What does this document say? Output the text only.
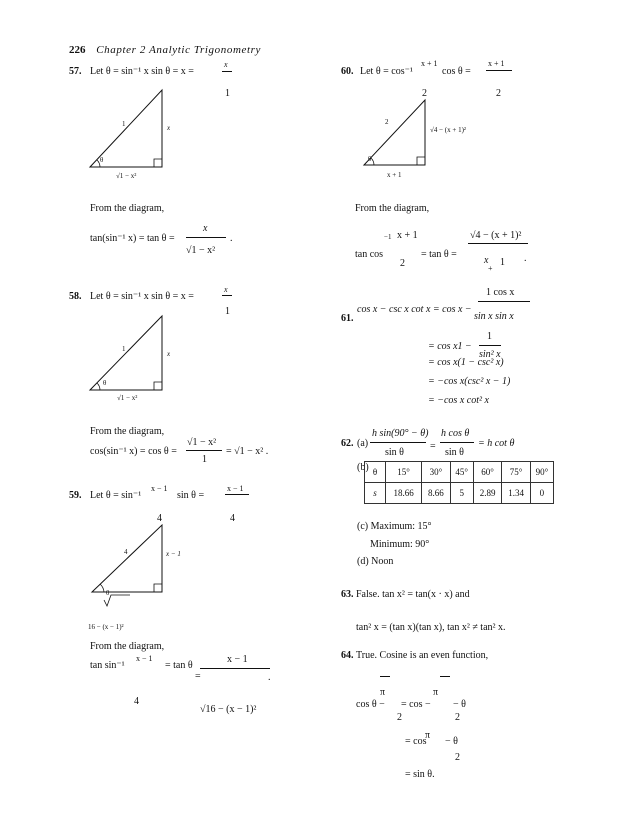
226 Chapter 2 Analytic Trigonometry
57. Let θ = sin⁻¹ x sin θ = x =
x
1
1	x
θ
√1 − x²
From the diagram,
tan(sin⁻¹ x) = tan θ =
x
√1 − x²
.
58. Let θ = sin⁻¹ x sin θ = x =
x
1
1
x
θ
√1 − x²
From the diagram,
cos(sin⁻¹ x) = cos θ =
√1 − x²
1
= √1 − x² .
59. Let θ = sin⁻¹
x − 1
sin θ =
x − 1
4	4
4	x − 1
θ
16 − (x − 1)²
From the diagram,
tan sin⁻¹
x − 1
= tan θ
=
x − 1
4
√16 − (x − 1)²
.
60. Let θ = cos⁻¹
x + 1
cos θ =
x + 1
2	2
2
√4 − (x + 1)²
θ
x + 1
From the diagram,
−1 x + 1	√4 − (x + 1)²
tan cos	= tan θ =
2	x 1
+
.
1 cos x
61.
cos x − csc x cot x = cos x −
sin x sin x
= cos x1 −
1
sin² x
= cos x(1 − csc² x)
= −cos x(csc² x − 1)
= −cos x cot² x
62. (a)
h sin(90° − θ)
sin θ
=
h cos θ
sin θ
= h cot θ
(b) θ	15°	30°	45°	60°	75°	90°
s	18.66	8.66	5	2.89	1.34	0
(c) Maximum: 15°
Minimum: 90°
(d) Noon
63. False. tan x² = tan(x · x) and
tan² x = (tan x)(tan x), tan x² ≠ tan² x.
64. True. Cosine is an even function,
π	π
cos θ − = cos − − θ
2	2
π
= cos − θ
2
= sin θ.
